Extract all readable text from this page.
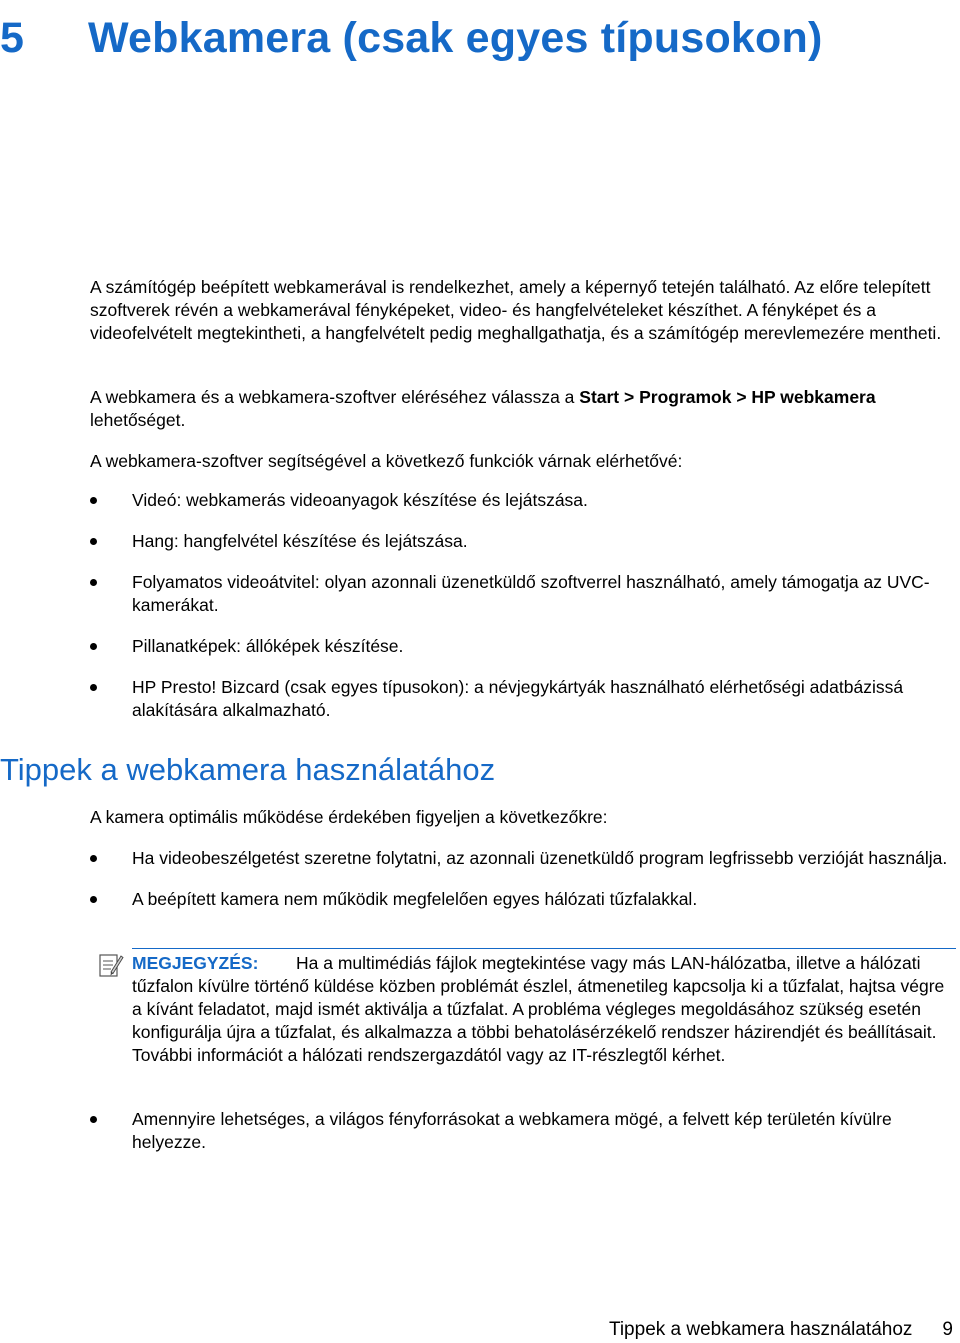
5 Webkamera (csak egyes típusokon)

A számítógép beépített webkamerával is rendelkezhet, amely a képernyő tetején található. Az előre telepített szoftverek révén a webkamerával fényképeket, video- és hangfelvételeket készíthet. A fényképet és a videofelvételt megtekintheti, a hangfelvételt pedig meghallgathatja, és a számítógép merevlemezére mentheti.

A webkamera és a webkamera-szoftver eléréséhez válassza a Start > Programok > HP webkamera lehetőséget.

A webkamera-szoftver segítségével a következő funkciók várnak elérhetővé:

Videó: webkamerás videoanyagok készítése és lejátszása.
Hang: hangfelvétel készítése és lejátszása.
Folyamatos videoátvitel: olyan azonnali üzenetküldő szoftverrel használható, amely támogatja az UVC-kamerákat.
Pillanatképek: állóképek készítése.
HP Presto! Bizcard (csak egyes típusokon): a névjegykártyák használható elérhetőségi adatbázissá alakítására alkalmazható.
Tippek a webkamera használatához

A kamera optimális működése érdekében figyeljen a következőkre:

Ha videobeszélgetést szeretne folytatni, az azonnali üzenetküldő program legfrissebb verzióját használja.
A beépített kamera nem működik megfelelően egyes hálózati tűzfalakkal.
MEGJEGYZÉS: Ha a multimédiás fájlok megtekintése vagy más LAN-hálózatba, illetve a hálózati tűzfalon kívülre történő küldése közben problémát észlel, átmenetileg kapcsolja ki a tűzfalat, hajtsa végre a kívánt feladatot, majd ismét aktiválja a tűzfalat. A probléma végleges megoldásához szükség esetén konfigurálja újra a tűzfalat, és alkalmazza a többi behatolásérzékelő rendszer házirendjét és beállításait. További információt a hálózati rendszergazdától vagy az IT-részlegtől kérhet.
Amennyire lehetséges, a világos fényforrásokat a webkamera mögé, a felvett kép területén kívülre helyezze.
Tippek a webkamera használatához 9
